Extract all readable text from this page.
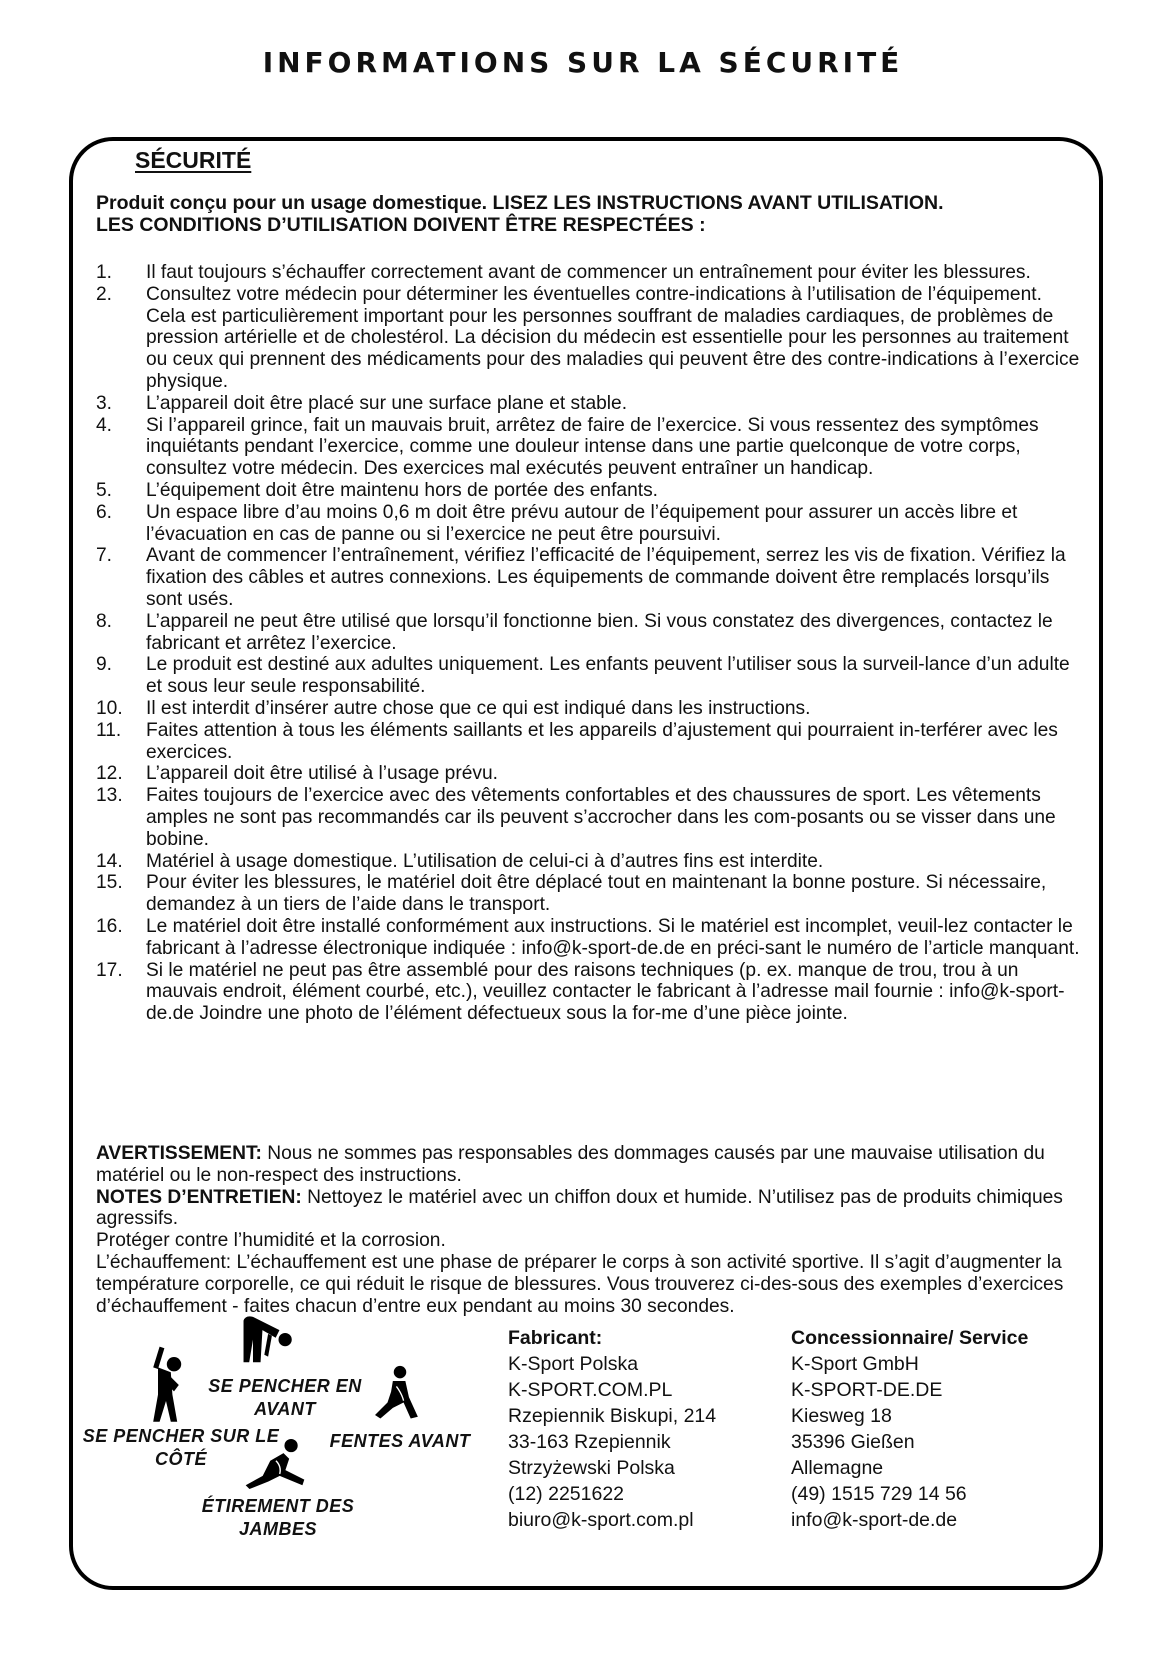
INFORMATIONS SUR LA SÉCURITÉ
SÉCURITÉ
Produit conçu pour un usage domestique. LISEZ LES INSTRUCTIONS AVANT UTILISATION.
LES CONDITIONS D’UTILISATION DOIVENT ÊTRE RESPECTÉES :
1.	Il faut toujours s’échauffer correctement avant de commencer un entraînement pour éviter les blessures.
2.	Consultez votre médecin pour déterminer les éventuelles contre-indications à l’utilisation de l’équipement. Cela est particulièrement important pour les personnes souffrant de maladies cardiaques, de problèmes de pression artérielle et de cholestérol. La décision du médecin est essentielle pour les personnes au traitement ou ceux qui prennent des médicaments pour des maladies qui peuvent être des contre-indications à l’exercice physique.
3.	L’appareil doit être placé sur une surface plane et stable.
4.	Si l’appareil grince, fait un mauvais bruit, arrêtez de faire de l’exercice. Si vous ressentez des symptômes inquiétants pendant l’exercice, comme une douleur intense dans une partie quelconque de votre corps, consultez votre médecin. Des exercices mal exécutés peuvent entraîner un handicap.
5.	L’équipement doit être maintenu hors de portée des enfants.
6.	Un espace libre d’au moins 0,6 m doit être prévu autour de l’équipement pour assurer un accès libre et l’évacuation en cas de panne ou si l’exercice ne peut être poursuivi.
7.	Avant de commencer l’entraînement, vérifiez l’efficacité de l’équipement, serrez les vis de fixation. Vérifiez la fixation des câbles et autres connexions. Les équipements de commande doivent être remplacés lorsqu’ils sont usés.
8.	L’appareil ne peut être utilisé que lorsqu’il fonctionne bien. Si vous constatez des divergences, contactez le fabricant et arrêtez l’exercice.
9.	Le produit est destiné aux adultes uniquement. Les enfants peuvent l’utiliser sous la surveil-lance d’un adulte et sous leur seule responsabilité.
10.	Il est interdit d’insérer autre chose que ce qui est indiqué dans les instructions.
11.	Faites attention à tous les éléments saillants et les appareils d’ajustement qui pourraient in-terférer avec les exercices.
12.	L’appareil doit être utilisé à l’usage prévu.
13.	Faites toujours de l’exercice avec des vêtements confortables et des chaussures de sport. Les vêtements amples ne sont pas recommandés car ils peuvent s’accrocher dans les com-posants ou se visser dans une bobine.
14.	Matériel à usage domestique. L’utilisation de celui-ci à d’autres fins est interdite.
15.	Pour éviter les blessures, le matériel doit être déplacé tout en maintenant la bonne posture. Si nécessaire, demandez à un tiers de l’aide dans le transport.
16.	Le matériel doit être installé conformément aux instructions. Si le matériel est incomplet, veuil-lez contacter le fabricant à l’adresse électronique indiquée : info@k-sport-de.de en préci-sant le numéro de l’article manquant.
17.	Si le matériel ne peut pas être assemblé pour des raisons techniques (p. ex. manque de trou, trou à un mauvais endroit, élément courbé, etc.), veuillez contacter le fabricant à l’adresse mail fournie : info@k-sport-de.de Joindre une photo de l’élément défectueux sous la for-me d’une pièce jointe.

AVERTISSEMENT: Nous ne sommes pas responsables des dommages causés par une mauvaise utilisation du matériel ou le non-respect des instructions.

NOTES D’ENTRETIEN: Nettoyez le matériel avec un chiffon doux et humide. N’utilisez pas de produits chimiques agressifs.

Protéger contre l’humidité et la corrosion.

L’échauffement: L’échauffement est une phase de préparer le corps à son activité sportive. Il s’agit d’augmenter la température corporelle, ce qui réduit le risque de blessures. Vous trouverez ci-des-sous des exemples d’exercices d’échauffement - faites chacun d’entre eux pendant au moins 30 secondes.

SE PENCHER SUR LE
CÔTÉ
SE PENCHER EN
AVANT
FENTES AVANT
ÉTIREMENT DES
JAMBES
Fabricant:
K-Sport Polska
K-SPORT.COM.PL
Rzepiennik Biskupi, 214
33-163 Rzepiennik
Strzyżewski Polska
(12) 2251622
biuro@k-sport.com.pl
Concessionnaire/ Service
K-Sport GmbH
K-SPORT-DE.DE
Kiesweg 18
35396 Gießen
Allemagne
(49) 1515 729 14 56
info@k-sport-de.de
